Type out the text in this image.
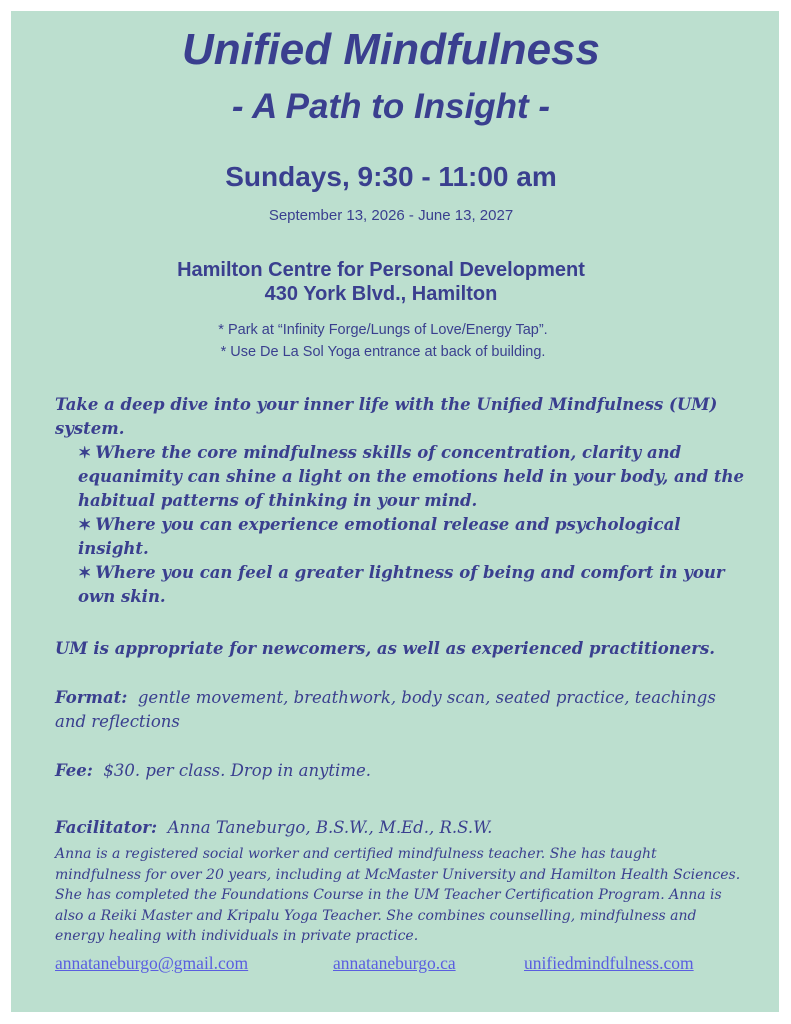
Unified Mindfulness
- A Path to Insight -
Sundays, 9:30 - 11:00 am
September 13, 2026 - June 13, 2027
Hamilton Centre for Personal Development
430 York Blvd., Hamilton
* Park at “Infinity Forge/Lungs of Love/Energy Tap”.
* Use De La Sol Yoga entrance at back of building.
Take a deep dive into your inner life with the Unified Mindfulness (UM) system.
✶ Where the core mindfulness skills of concentration, clarity and equanimity can shine a light on the emotions held in your body, and the habitual patterns of thinking in your mind.
✶ Where you can experience emotional release and psychological insight.
✶ Where you can feel a greater lightness of being and comfort in your own skin.
UM is appropriate for newcomers, as well as experienced practitioners.
Format: gentle movement, breathwork, body scan, seated practice, teachings and reflections
Fee: $30. per class. Drop in anytime.
Facilitator: Anna Taneburgo, B.S.W., M.Ed., R.S.W.
Anna is a registered social worker and certified mindfulness teacher. She has taught mindfulness for over 20 years, including at McMaster University and Hamilton Health Sciences. She has completed the Foundations Course in the UM Teacher Certification Program. Anna is also a Reiki Master and Kripalu Yoga Teacher. She combines counselling, mindfulness and energy healing with individuals in private practice.
annataneburgo@gmail.com	annataneburgo.ca	unifiedmindfulness.com
